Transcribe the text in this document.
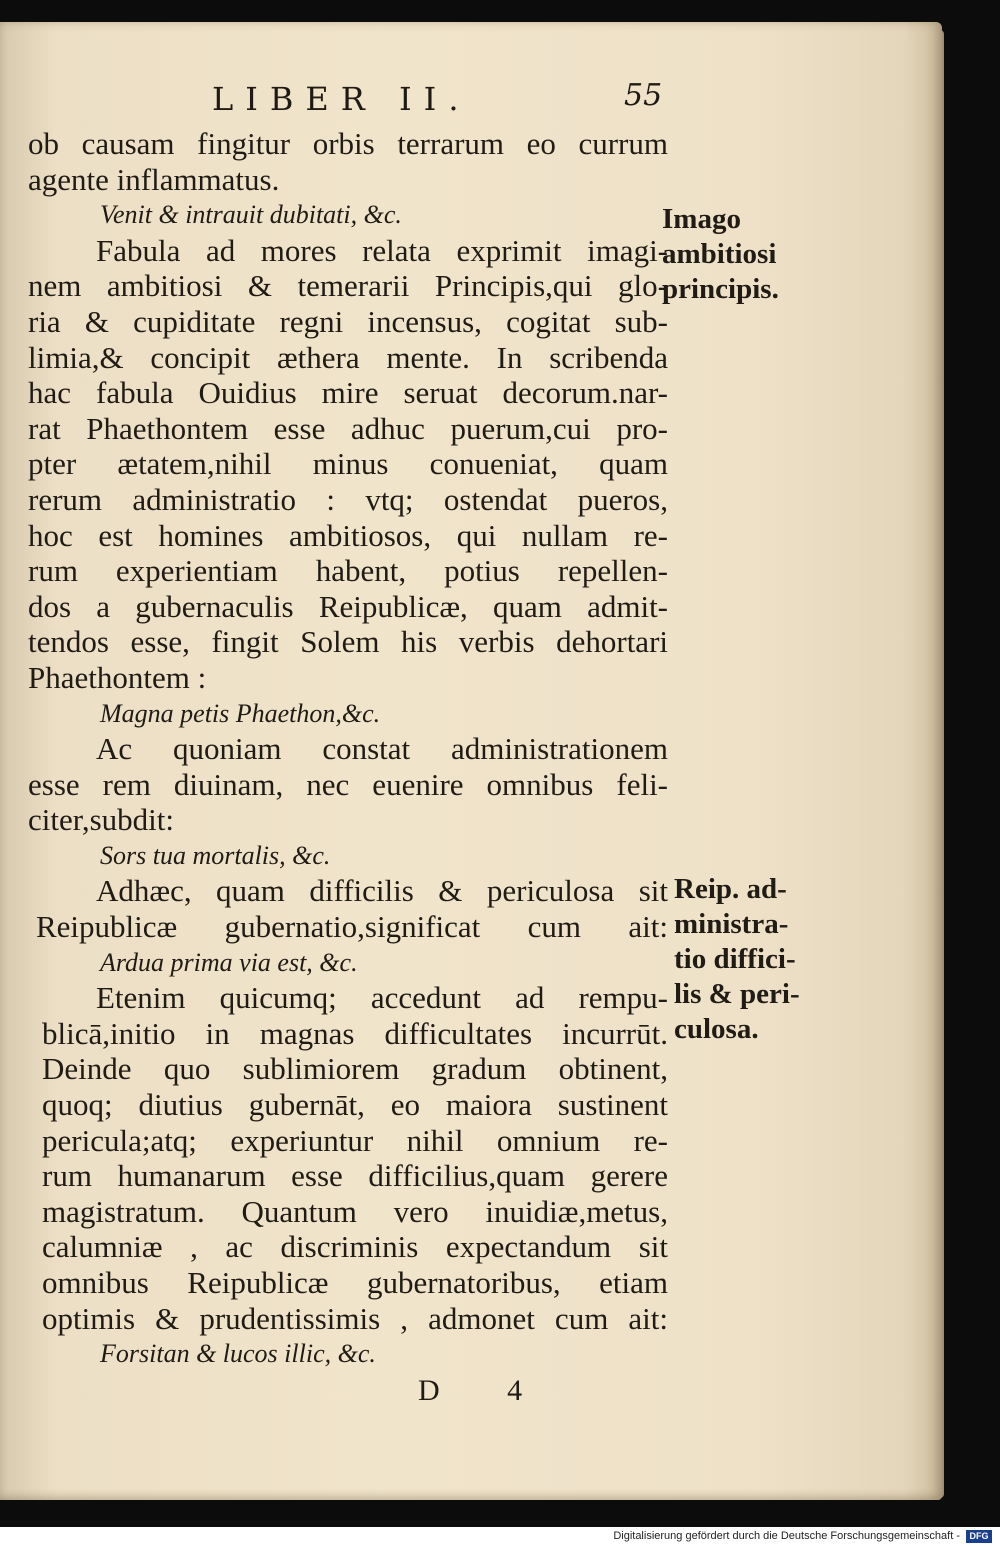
LIBER II.	55
ob causam fingitur orbis terrarum eo currum
agente inflammatus.
Venit & intrauit dubitati, &c.
Fabula ad mores relata exprimit imagi-
nem ambitiosi & temerarii Principis,qui glo-
ria & cupiditate regni incensus, cogitat sub-
limia,& concipit æthera mente. In scribenda
hac fabula Ouidius mire seruat decorum.nar-
rat Phaethontem esse adhuc puerum,cui pro-
pter ætatem,nihil minus conueniat, quam
rerum administratio : vtq; ostendat pueros,
hoc est homines ambitiosos, qui nullam re-
rum experientiam habent, potius repellen-
dos a gubernaculis Reipublicæ, quam admit-
tendos esse, fingit Solem his verbis dehortari
Phaethontem :
Magna petis Phaethon,&c.
Ac quoniam constat administrationem
esse rem diuinam, nec euenire omnibus feli-
citer,subdit:
Sors tua mortalis, &c.
Adhæc, quam difficilis & periculosa sit
Reipublicæ gubernatio,significat cum ait:
Ardua prima via est, &c.
Etenim quicumq; accedunt ad rempu-
blicā,initio in magnas difficultates incurrūt.
Deinde quo sublimiorem gradum obtinent,
quoq; diutius gubernāt, eo maiora sustinent
pericula;atq; experiuntur nihil omnium re-
rum humanarum esse difficilius,quam gerere
magistratum. Quantum vero inuidiæ,metus,
calumniæ , ac discriminis expectandum sit
omnibus Reipublicæ gubernatoribus, etiam
optimis & prudentissimis , admonet cum ait:
Forsitan & lucos illic, &c.
Imago
ambitiosi
principis.
Reip. ad-
ministra-
tio diffici-
lis & peri-
culosa.
D 4
Digitalisierung gefördert durch die Deutsche Forschungsgemeinschaft -	DFG
